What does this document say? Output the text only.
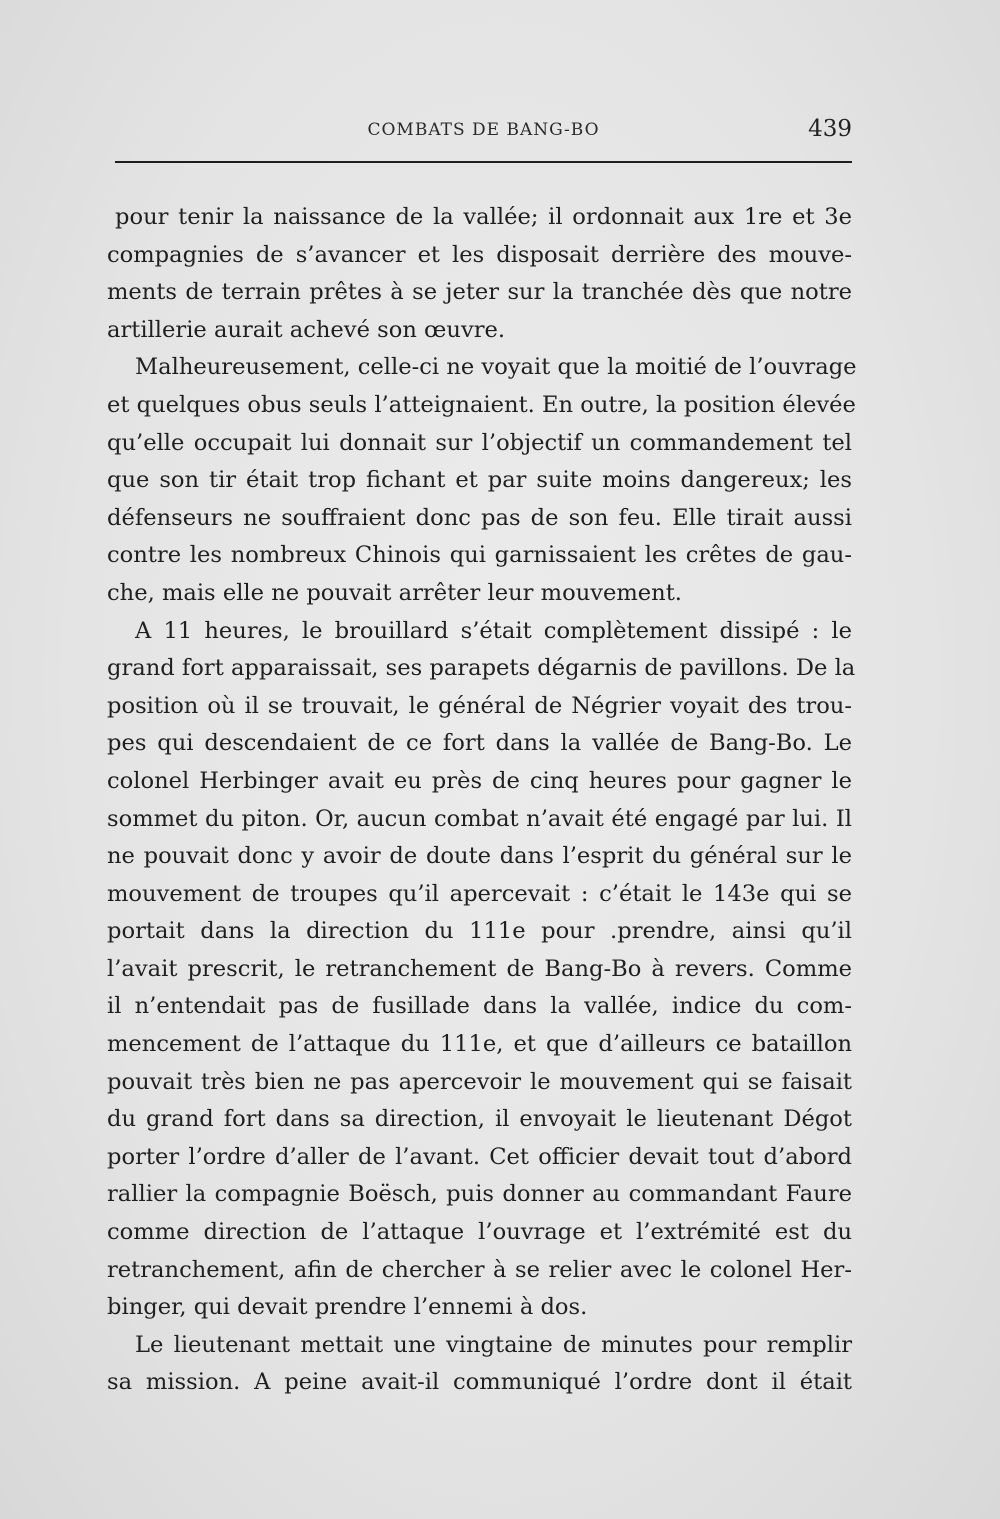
COMBATS DE BANG-BO	439
pour tenir la naissance de la vallée; il ordonnait aux 1re et 3e
compagnies de s’avancer et les disposait derrière des mouve-
ments de terrain prêtes à se jeter sur la tranchée dès que notre
artillerie aurait achevé son œuvre.
Malheureusement, celle-ci ne voyait que la moitié de l’ouvrage
et quelques obus seuls l’atteignaient. En outre, la position élevée
qu’elle occupait lui donnait sur l’objectif un commandement tel
que son tir était trop fichant et par suite moins dangereux; les
défenseurs ne souffraient donc pas de son feu. Elle tirait aussi
contre les nombreux Chinois qui garnissaient les crêtes de gau-
che, mais elle ne pouvait arrêter leur mouvement.
A 11 heures, le brouillard s’était complètement dissipé : le
grand fort apparaissait, ses parapets dégarnis de pavillons. De la
position où il se trouvait, le général de Négrier voyait des trou-
pes qui descendaient de ce fort dans la vallée de Bang-Bo. Le
colonel Herbinger avait eu près de cinq heures pour gagner le
sommet du piton. Or, aucun combat n’avait été engagé par lui. Il
ne pouvait donc y avoir de doute dans l’esprit du général sur le
mouvement de troupes qu’il apercevait : c’était le 143e qui se
portait dans la direction du 111e pour .prendre, ainsi qu’il
l’avait prescrit, le retranchement de Bang-Bo à revers. Comme
il n’entendait pas de fusillade dans la vallée, indice du com-
mencement de l’attaque du 111e, et que d’ailleurs ce bataillon
pouvait très bien ne pas apercevoir le mouvement qui se faisait
du grand fort dans sa direction, il envoyait le lieutenant Dégot
porter l’ordre d’aller de l’avant. Cet officier devait tout d’abord
rallier la compagnie Boësch, puis donner au commandant Faure
comme direction de l’attaque l’ouvrage et l’extrémité est du
retranchement, afin de chercher à se relier avec le colonel Her-
binger, qui devait prendre l’ennemi à dos.
Le lieutenant mettait une vingtaine de minutes pour remplir
sa mission. A peine avait-il communiqué l’ordre dont il était
